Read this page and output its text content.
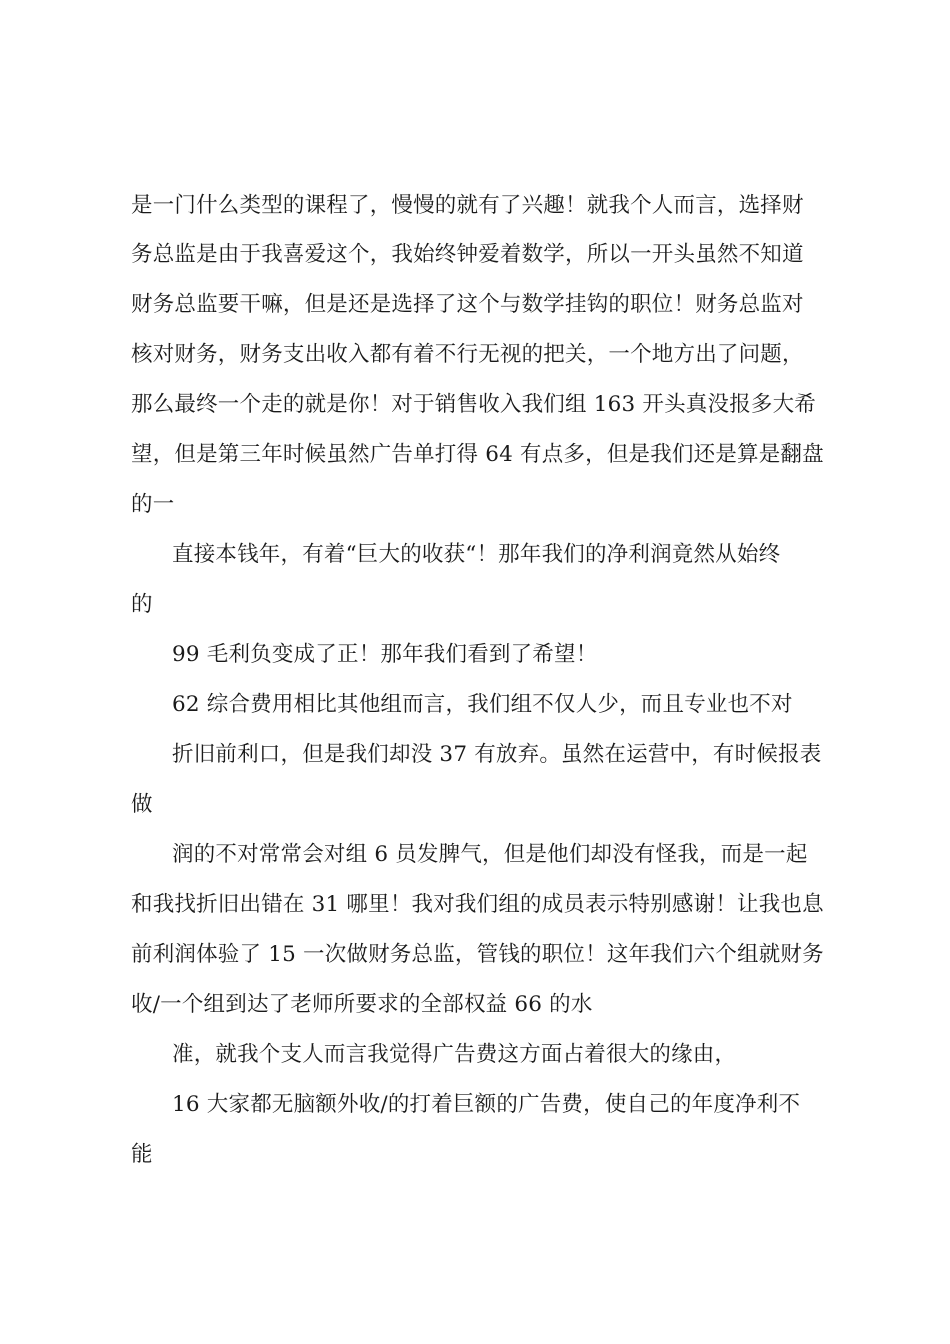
是一门什么类型的课程了，慢慢的就有了兴趣！就我个人而言，选择财
务总监是由于我喜爱这个，我始终钟爱着数学，所以一开头虽然不知道
财务总监要干嘛，但是还是选择了这个与数学挂钩的职位！财务总监对
核对财务，财务支出收入都有着不行无视的把关，一个地方出了问题，
那么最终一个走的就是你！对于销售收入我们组 163 开头真没报多大希
望，但是第三年时候虽然广告单打得 64 有点多，但是我们还是算是翻盘
的一
直接本钱年，有着“巨大的收获“！那年我们的净利润竟然从始终
的
99 毛利负变成了正！那年我们看到了希望！
62 综合费用相比其他组而言，我们组不仅人少，而且专业也不对
折旧前利口，但是我们却没 37 有放弃。虽然在运营中，有时候报表
做
润的不对常常会对组 6 员发脾气，但是他们却没有怪我，而是一起
和我找折旧出错在 31 哪里！我对我们组的成员表示特别感谢！让我也息
前利润体验了 15 一次做财务总监，管钱的职位！这年我们六个组就财务
收/一个组到达了老师所要求的全部权益 66 的水
准，就我个支人而言我觉得广告费这方面占着很大的缘由，
16 大家都无脑额外收/的打着巨额的广告费，使自己的年度净利不
能
